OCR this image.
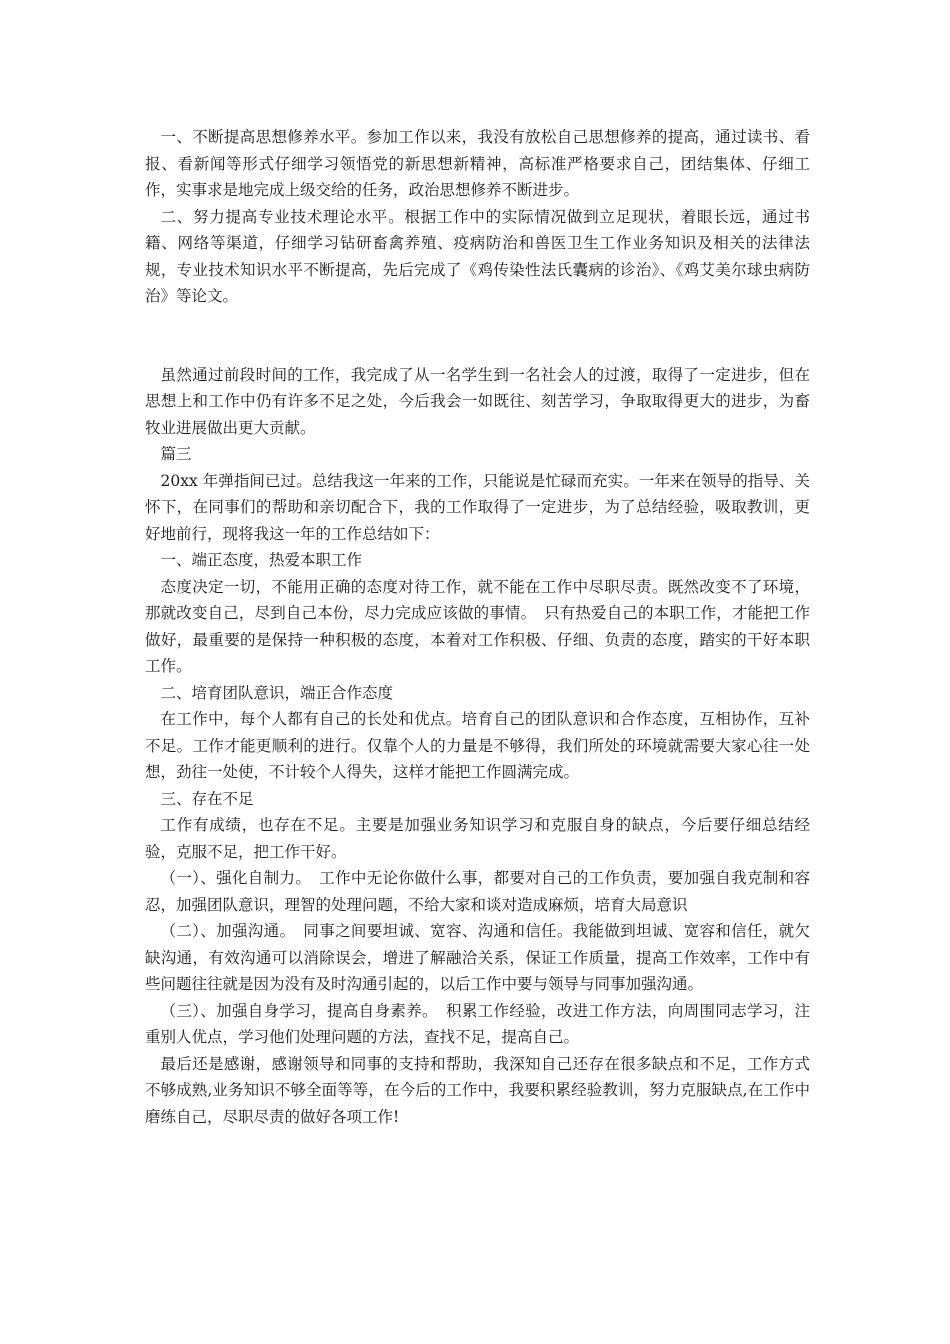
一、不断提高思想修养水平。参加工作以来，我没有放松自己思想修养的提高，通过读书、看报、看新闻等形式仔细学习领悟党的新思想新精神，高标准严格要求自己，团结集体、仔细工作，实事求是地完成上级交给的任务，政治思想修养不断进步。

二、努力提高专业技术理论水平。根据工作中的实际情况做到立足现状，着眼长远，通过书籍、网络等渠道，仔细学习钻研畜禽养殖、疫病防治和兽医卫生工作业务知识及相关的法律法规，专业技术知识水平不断提高，先后完成了《鸡传染性法氏囊病的诊治》、《鸡艾美尔球虫病防治》等论文。

虽然通过前段时间的工作，我完成了从一名学生到一名社会人的过渡，取得了一定进步，但在思想上和工作中仍有许多不足之处，今后我会一如既往、刻苦学习，争取取得更大的进步，为畜牧业进展做出更大贡献。

篇三

20xx 年弹指间已过。总结我这一年来的工作，只能说是忙碌而充实。一年来在领导的指导、关怀下，在同事们的帮助和亲切配合下，我的工作取得了一定进步，为了总结经验，吸取教训，更好地前行，现将我这一年的工作总结如下：

一、端正态度，热爱本职工作

态度决定一切，不能用正确的态度对待工作，就不能在工作中尽职尽责。既然改变不了环境，那就改变自己，尽到自己本份，尽力完成应该做的事情。　只有热爱自己的本职工作，才能把工作做好，最重要的是保持一种积极的态度，本着对工作积极、仔细、负责的态度，踏实的干好本职工作。

二、培育团队意识，端正合作态度

在工作中，每个人都有自己的长处和优点。培育自己的团队意识和合作态度，互相协作，互补不足。工作才能更顺利的进行。仅靠个人的力量是不够得，我们所处的环境就需要大家心往一处想，劲往一处使，不计较个人得失，这样才能把工作圆满完成。

三、存在不足

工作有成绩，也存在不足。主要是加强业务知识学习和克服自身的缺点，今后要仔细总结经验，克服不足，把工作干好。

（一）、强化自制力。　工作中无论你做什么事，都要对自己的工作负责，要加强自我克制和容忍，加强团队意识，理智的处理问题，不给大家和谈对造成麻烦，培育大局意识

（二）、加强沟通。　同事之间要坦诚、宽容、沟通和信任。我能做到坦诚、宽容和信任，就欠缺沟通，有效沟通可以消除误会，增进了解融洽关系，保证工作质量，提高工作效率，工作中有些问题往往就是因为没有及时沟通引起的，以后工作中要与领导与同事加强沟通。

（三）、加强自身学习，提高自身素养。　积累工作经验，改进工作方法，向周围同志学习，注重别人优点，学习他们处理问题的方法，查找不足，提高自己。

最后还是感谢，感谢领导和同事的支持和帮助，我深知自己还存在很多缺点和不足，工作方式不够成熟,业务知识不够全面等等，在今后的工作中，我要积累经验教训，努力克服缺点,在工作中磨练自己，尽职尽责的做好各项工作!
